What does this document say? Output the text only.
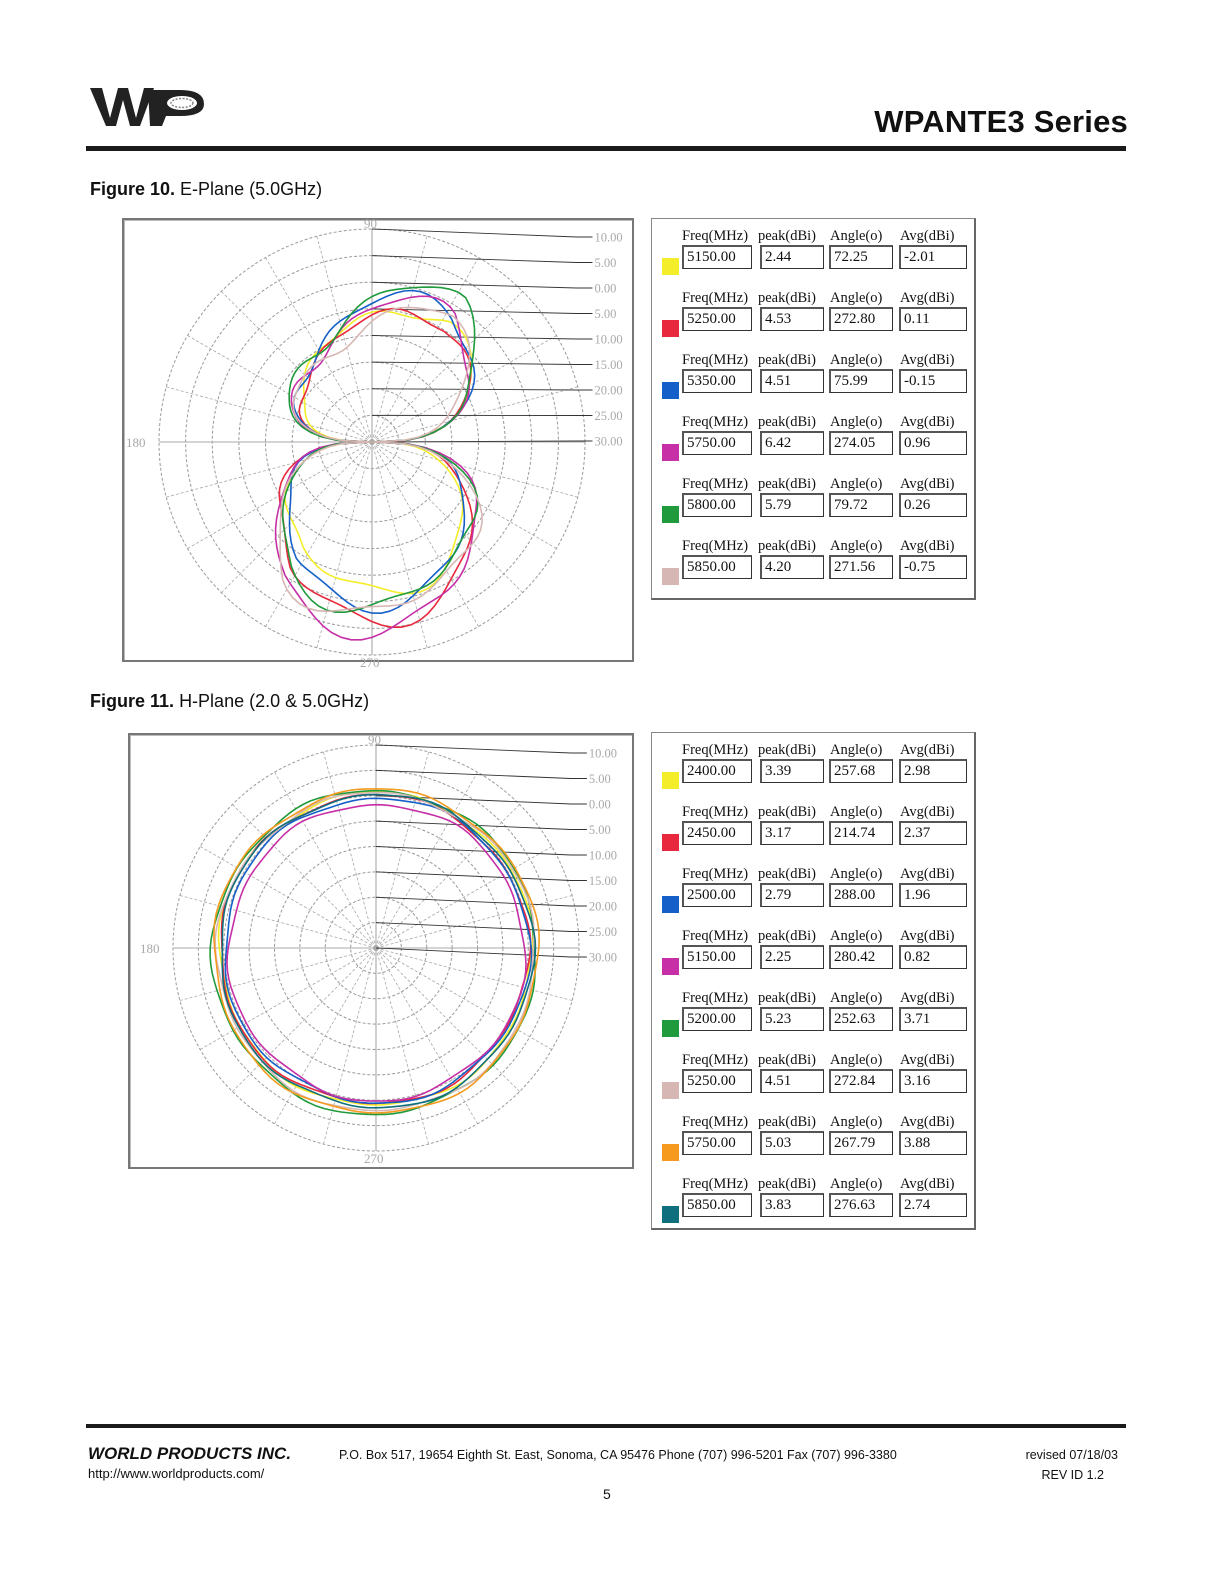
WPANTE3 Series
Figure 10. E-Plane (5.0GHz)
10.00
5.00
0.00
5.00
10.00
15.00
20.00
25.00
30.00
90
180
270
Freq(MHz) peak(dBi) Angle(o) Avg(dBi)
5150.00	2.44	72.25	-2.01
Freq(MHz) peak(dBi) Angle(o) Avg(dBi)
5250.00	4.53	272.80	0.11
Freq(MHz) peak(dBi) Angle(o) Avg(dBi)
5350.00	4.51	75.99	-0.15
Freq(MHz) peak(dBi) Angle(o) Avg(dBi)
5750.00	6.42	274.05	0.96
Freq(MHz) peak(dBi) Angle(o) Avg(dBi)
5800.00	5.79	79.72	0.26
Freq(MHz) peak(dBi) Angle(o) Avg(dBi)
5850.00	4.20	271.56	-0.75
Figure 11. H-Plane (2.0 & 5.0GHz)
10.00
5.00
0.00
5.00
10.00
15.00
20.00
25.00
30.00
90
180
270
Freq(MHz) peak(dBi) Angle(o) Avg(dBi)
2400.00	3.39	257.68	2.98
Freq(MHz) peak(dBi) Angle(o) Avg(dBi)
2450.00	3.17	214.74	2.37
Freq(MHz) peak(dBi) Angle(o) Avg(dBi)
2500.00	2.79	288.00	1.96
Freq(MHz) peak(dBi) Angle(o) Avg(dBi)
5150.00	2.25	280.42	0.82
Freq(MHz) peak(dBi) Angle(o) Avg(dBi)
5200.00	5.23	252.63	3.71
Freq(MHz) peak(dBi) Angle(o) Avg(dBi)
5250.00	4.51	272.84	3.16
Freq(MHz) peak(dBi) Angle(o) Avg(dBi)
5750.00	5.03	267.79	3.88
Freq(MHz) peak(dBi) Angle(o) Avg(dBi)
5850.00	3.83	276.63	2.74
WORLD PRODUCTS INC.	P.O. Box 517, 19654 Eighth St. East, Sonoma, CA 95476 Phone (707) 996-5201 Fax (707) 996-3380	revised 07/18/03
http://www.worldproducts.com/	REV ID 1.2
5
